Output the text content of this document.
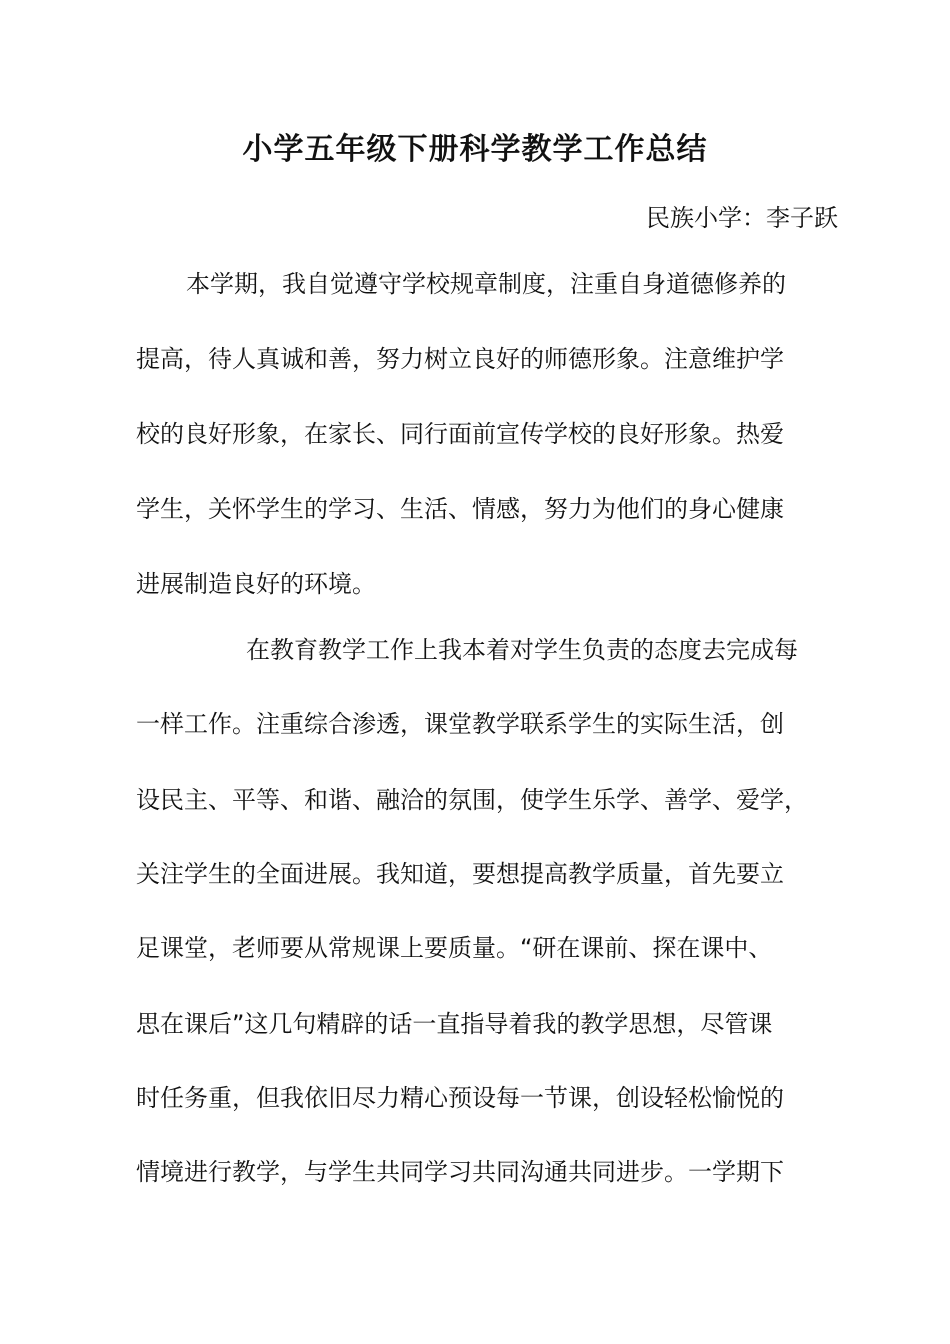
小学五年级下册科学教学工作总结
民族小学：李子跃
本学期，我自觉遵守学校规章制度，注重自身道德修养的
提高，待人真诚和善，努力树立良好的师德形象。注意维护学
校的良好形象，在家长、同行面前宣传学校的良好形象。热爱
学生，关怀学生的学习、生活、情感，努力为他们的身心健康
进展制造良好的环境。
在教育教学工作上我本着对学生负责的态度去完成每
一样工作。注重综合渗透，课堂教学联系学生的实际生活，创
设民主、平等、和谐、融洽的氛围，使学生乐学、善学、爱学，
关注学生的全面进展。我知道，要想提高教学质量，首先要立
足课堂，老师要从常规课上要质量。“研在课前、探在课中、
思在课后”这几句精辟的话一直指导着我的教学思想，尽管课
时任务重，但我依旧尽力精心预设每一节课，创设轻松愉悦的
情境进行教学，与学生共同学习共同沟通共同进步。一学期下
